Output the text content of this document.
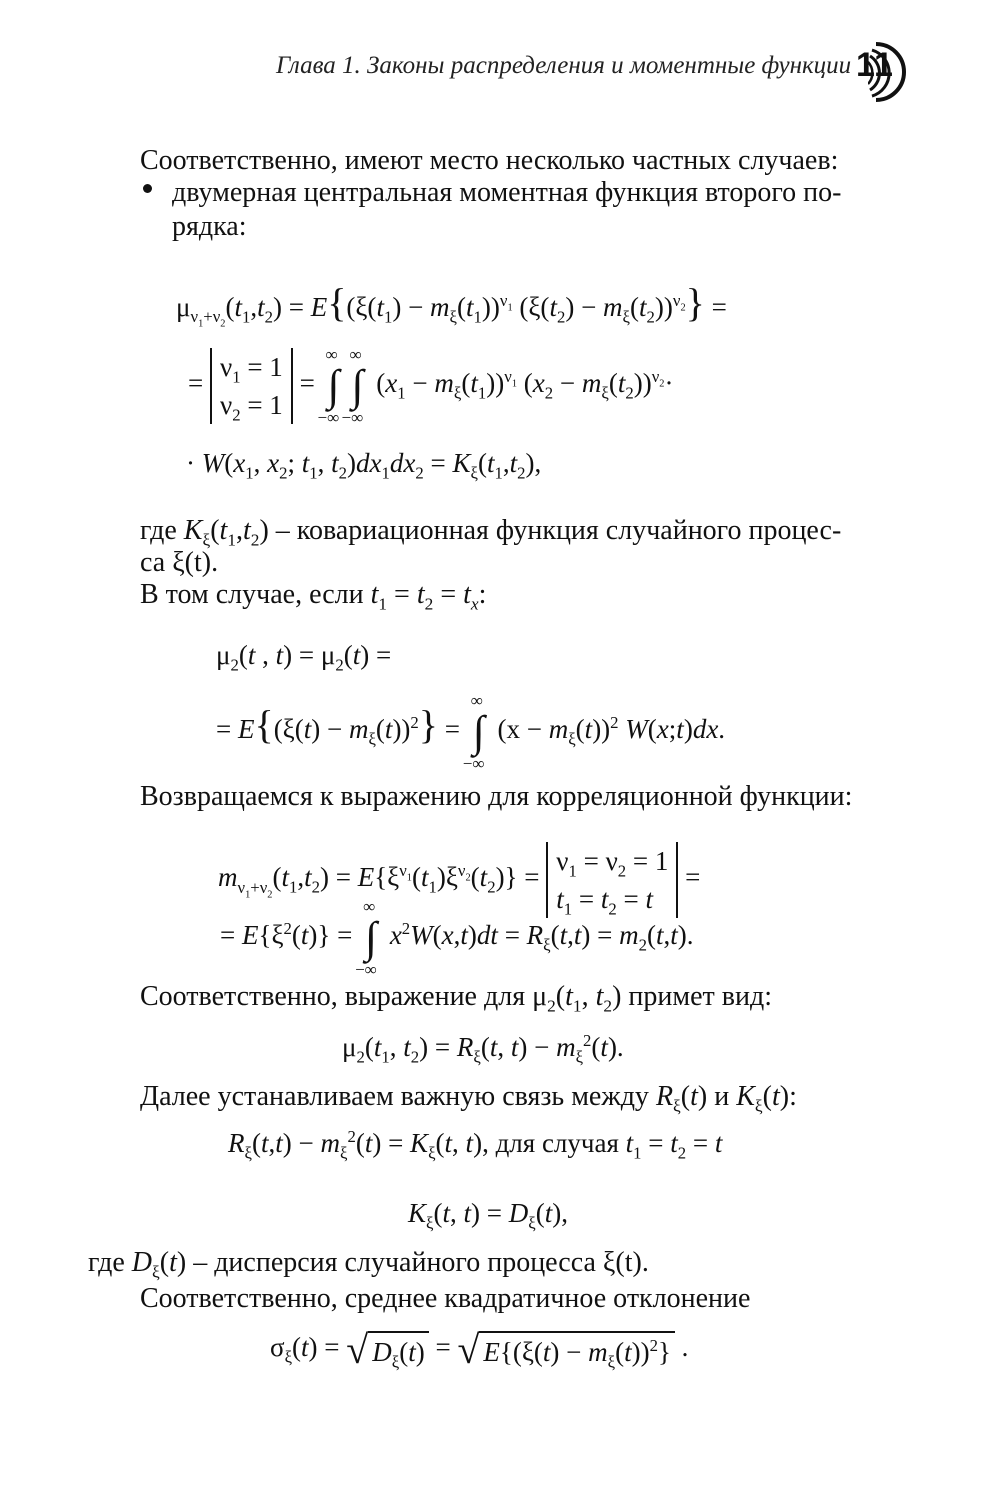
Глава 1. Законы распределения и моментные функции 11
Соответственно, имеют место несколько частных случаев:
двумерная центральная моментная функция второго по-
рядка:
$\mu_{\nu_1+\nu_2}(t_1,t_2) = E\{(\xi(t_1) - m_\xi(t_1))^{\nu_1}$ $(\xi(t_2) - m_\xi(t_2))^{\nu_2}$} =
= $\nu_1 = 1$
$\nu_2 = 1$ = ∫
∞
−∞
∫
∞
−∞
$(x_1 - m_\xi(t_1))^{\nu_1}$ $(x_2 - m_\xi(t_2))^{\nu_2}\cdot$
· $W(x_1$, $x_2$; $t_1$, $t_2)dx_1dx_2 = K_\xi(t_1,t_2)$,
где $K_\xi(t_1,t_2)$ – ковариационная функция случайного процес-
са ξ(t).
В том случае, если $t_1 = t_2 = t_x$:
$\mu_2(t$ , $t) = \mu_2(t)$ =
= $E\{(\xi(t) - m_\xi(t))^2\}$ = ∫
∞
−∞
$(x - m_\xi(t))^2$ W(x;t)dx.
Возвращаемся к выражению для корреляционной функции:
$m_{\nu_1+\nu_2}(t_1,t_2) = E\{\xi^{\nu_1}(t_1)\xi^{\nu_2}(t_2)\} = \nu_1 = \nu_2 = 1$
$t_1 = t_2 = t$ =
= $E\{\xi^2(t)\}$ = ∫
∞
−∞
$x^2W(x,t)dt = R_\xi(t,t) = m_2(t,t)$.
Соответственно, выражение для $\mu_2(t_1$, $t_2$) примет вид:
$\mu_2(t_1$, $t_2) = R_\xi(t$, $t) - m_\xi^2(t)$.
Далее устанавливаем важную связь между $R_\xi(t)$ и $K_\xi(t)$:
$R_\xi(t,t) - m_\xi^2(t) = K_\xi(t$, t), для случая $t_1 = t_2 = t$
$K_\xi(t$, $t) = D_\xi(t)$,
где $D_\xi(t)$ – дисперсия случайного процесса ξ(t).
Соответственно, среднее квадратичное отклонение
$\sigma_\xi(t)$ = √ $D_\xi(t)$ = √ $E\{(\xi(t) - m_\xi(t))^2\}$ .
